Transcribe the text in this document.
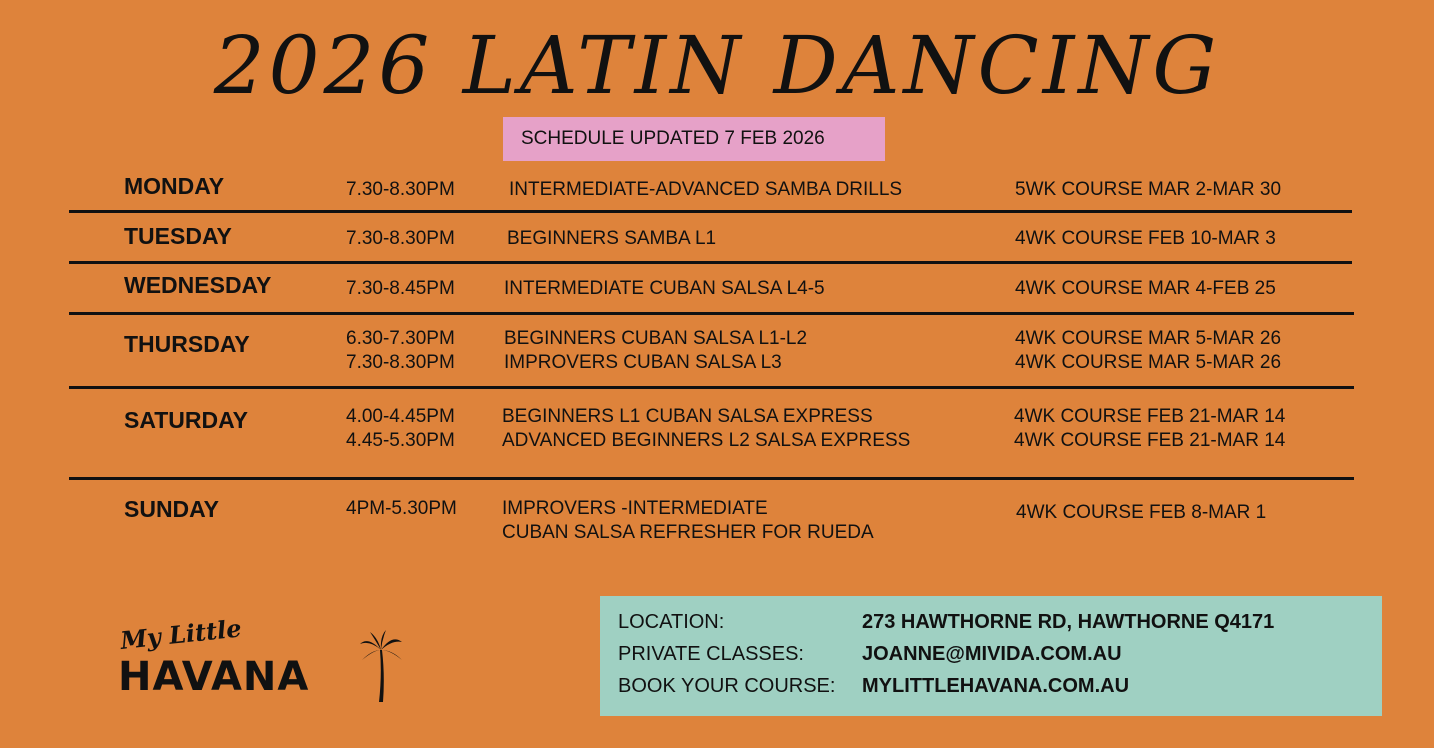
2026 LATIN DANCING
SCHEDULE UPDATED 7 FEB 2026
MONDAY	7.30-8.30PM	INTERMEDIATE-ADVANCED SAMBA DRILLS	5WK COURSE MAR 2-MAR 30
TUESDAY	7.30-8.30PM	BEGINNERS SAMBA L1	4WK COURSE FEB 10-MAR 3
WEDNESDAY	7.30-8.45PM	INTERMEDIATE CUBAN SALSA L4-5	4WK COURSE MAR 4-FEB 25
THURSDAY	6.30-7.30PM	BEGINNERS CUBAN SALSA L1-L2	4WK COURSE MAR 5-MAR 26
7.30-8.30PM	IMPROVERS CUBAN SALSA L3	4WK COURSE MAR 5-MAR 26
SATURDAY	4.00-4.45PM BEGINNERS L1 CUBAN SALSA EXPRESS	4WK COURSE FEB 21-MAR 14
4.45-5.30PM ADVANCED BEGINNERS L2 SALSA EXPRESS	4WK COURSE FEB 21-MAR 14
SUNDAY	4PM-5.30PM IMPROVERS -INTERMEDIATE
CUBAN SALSA REFRESHER FOR RUEDA
4WK COURSE FEB 8-MAR 1
My Little
HAVANA
LOCATION:	273 HAWTHORNE RD, HAWTHORNE Q4171
PRIVATE CLASSES:	JOANNE@MIVIDA.COM.AU
BOOK YOUR COURSE: MYLITTLEHAVANA.COM.AU
